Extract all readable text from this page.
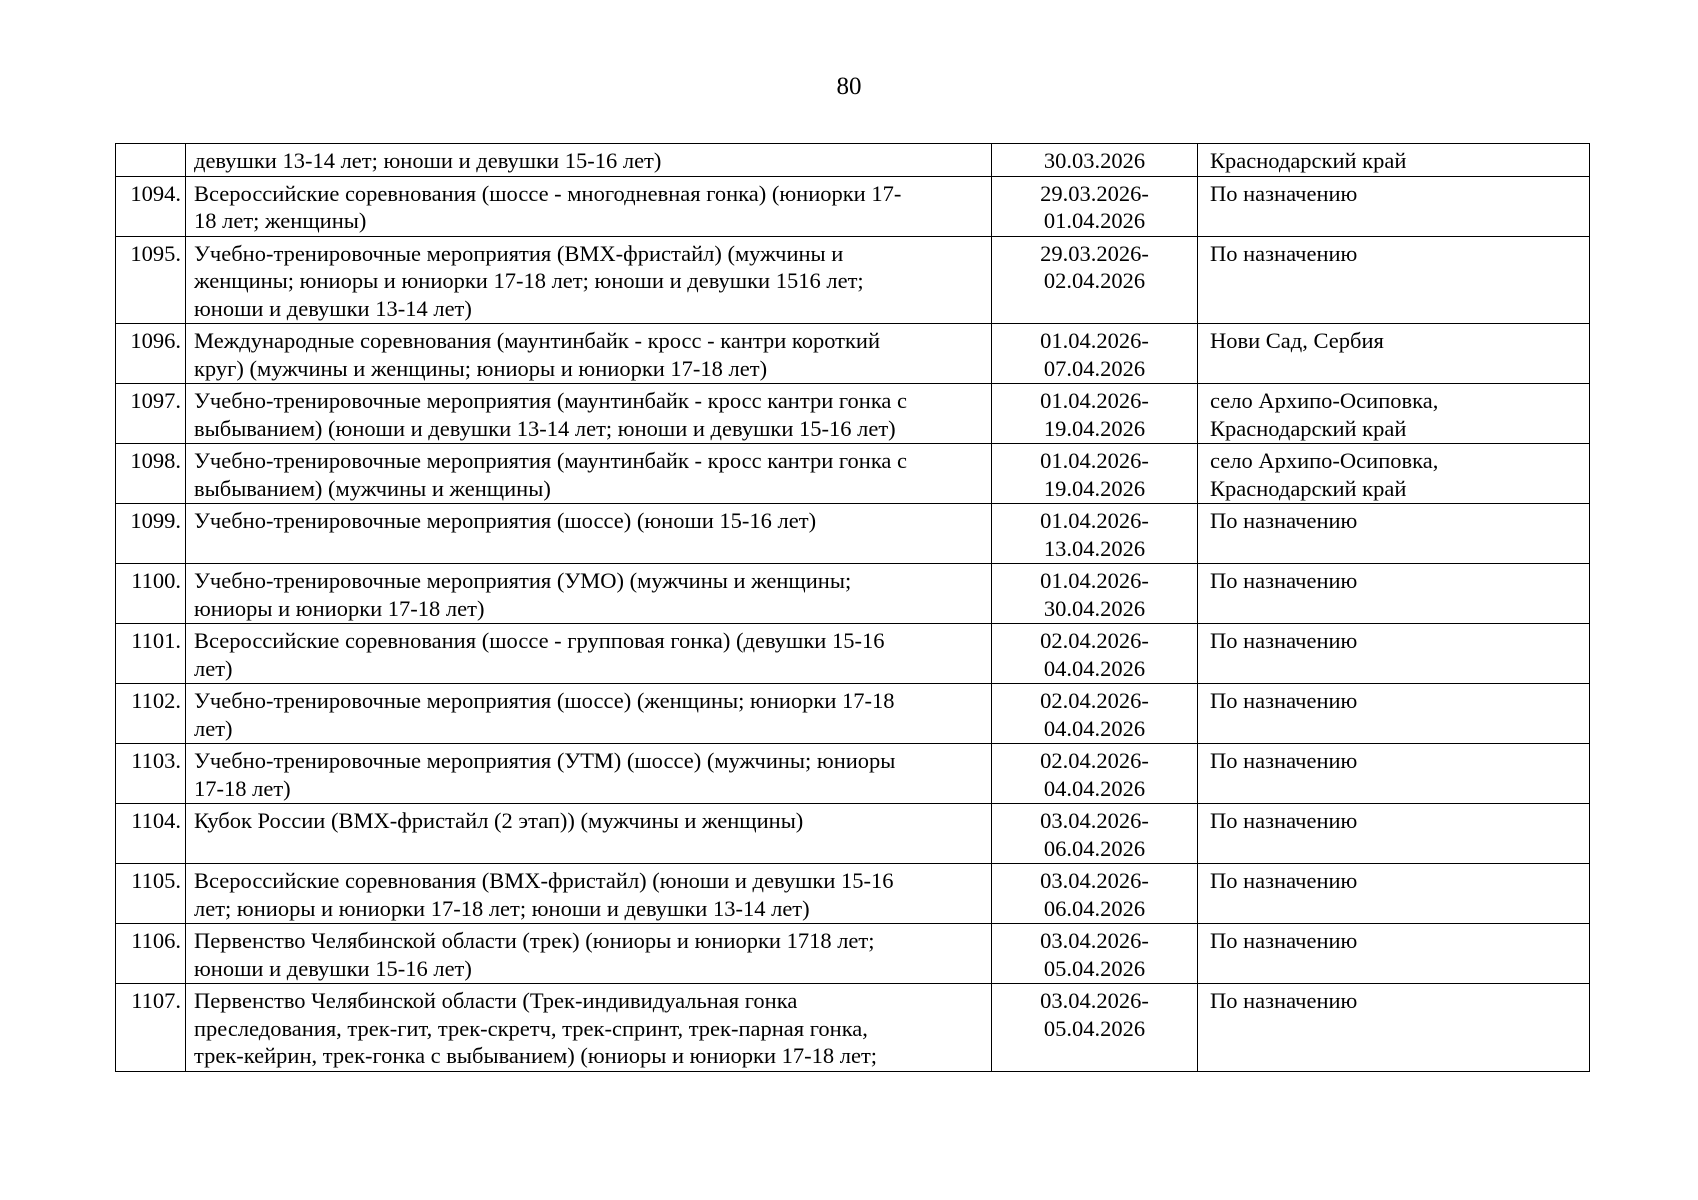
80

	девушки 13-14 лет; юноши и девушки 15-16 лет)	30.03.2026	Краснодарский край

1094.	Всероссийские соревнования (шоссе - многодневная гонка) (юниорки 17-
18 лет; женщины)	29.03.2026-
01.04.2026	По назначению

1095.	Учебно-тренировочные мероприятия (ВМХ-фристайл) (мужчины и
женщины; юниоры и юниорки 17-18 лет; юноши и девушки 1516 лет;
юноши и девушки 13-14 лет)	29.03.2026-
02.04.2026	По назначению

1096.	Международные соревнования (маунтинбайк - кросс - кантри короткий
круг) (мужчины и женщины; юниоры и юниорки 17-18 лет)	01.04.2026-
07.04.2026	Нови Сад, Сербия

1097.	Учебно-тренировочные мероприятия (маунтинбайк - кросс кантри гонка с
выбыванием) (юноши и девушки 13-14 лет; юноши и девушки 15-16 лет)	01.04.2026-
19.04.2026	село Архипо-Осиповка,
Краснодарский край

1098.	Учебно-тренировочные мероприятия (маунтинбайк - кросс кантри гонка с
выбыванием) (мужчины и женщины)	01.04.2026-
19.04.2026	село Архипо-Осиповка,
Краснодарский край

1099.	Учебно-тренировочные мероприятия (шоссе) (юноши 15-16 лет)	01.04.2026-
13.04.2026	По назначению

1100.	Учебно-тренировочные мероприятия (УМО) (мужчины и женщины;
юниоры и юниорки 17-18 лет)	01.04.2026-
30.04.2026	По назначению

1101.	Всероссийские соревнования (шоссе - групповая гонка) (девушки 15-16
лет)	02.04.2026-
04.04.2026	По назначению

1102.	Учебно-тренировочные мероприятия (шоссе) (женщины; юниорки 17-18
лет)	02.04.2026-
04.04.2026	По назначению

1103.	Учебно-тренировочные мероприятия (УТМ) (шоссе) (мужчины; юниоры
17-18 лет)	02.04.2026-
04.04.2026	По назначению

1104.	Кубок России (ВМХ-фристайл (2 этап)) (мужчины и женщины)	03.04.2026-
06.04.2026	По назначению

1105.	Всероссийские соревнования (ВМХ-фристайл) (юноши и девушки 15-16
лет; юниоры и юниорки 17-18 лет; юноши и девушки 13-14 лет)	03.04.2026-
06.04.2026	По назначению

1106.	Первенство Челябинской области (трек) (юниоры и юниорки 1718 лет;
юноши и девушки 15-16 лет)	03.04.2026-
05.04.2026	По назначению

1107.	Первенство Челябинской области (Трек-индивидуальная гонка
преследования, трек-гит, трек-скретч, трек-спринт, трек-парная гонка,
трек-кейрин, трек-гонка с выбыванием) (юниоры и юниорки 17-18 лет;	03.04.2026-
05.04.2026	По назначению
